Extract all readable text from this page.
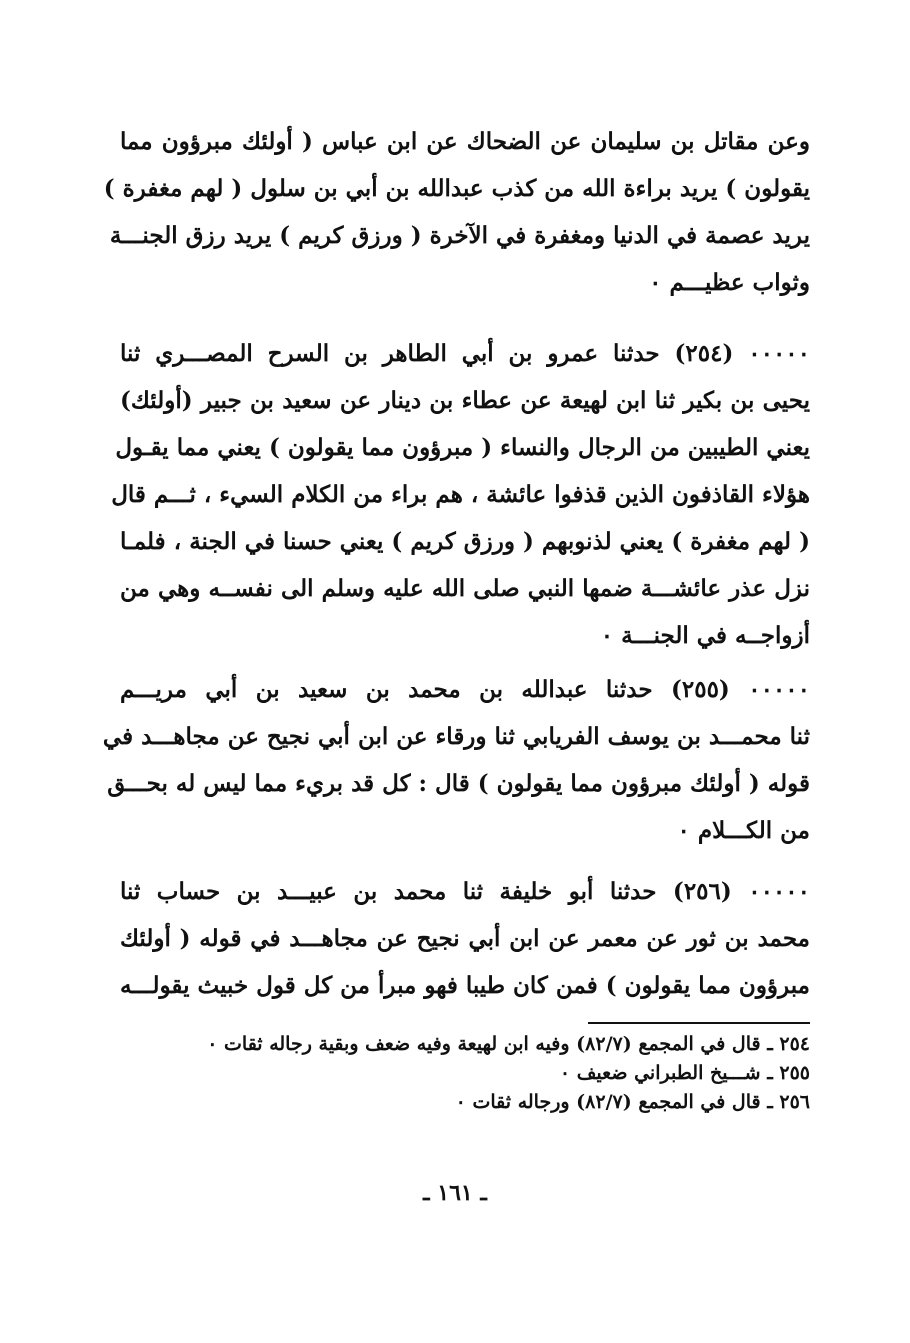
وعن مقاتل بن سليمان عن الضحاك عن ابن عباس ( أولئك مبرؤون مما
يقولون ) يريد براءة الله من كذب عبدالله بن أبي بن سلول ( لهم مغفرة )
يريد عصمة في الدنيا ومغفرة في الآخرة ( ورزق كريم ) يريد رزق الجنـــة
وثواب عظيـــم ٠
٠٠٠٠٠ (٢٥٤) حدثنا عمرو بن أبي الطاهر بن السرح المصـــري ثنا
يحيى بن بكير ثنا ابن لهيعة عن عطاء بن دينار عن سعيد بن جبير (أولئك)
يعني الطيبين من الرجال والنساء ( مبرؤون مما يقولون ) يعني مما يقـول
هؤلاء القاذفون الذين قذفوا عائشة ، هم براء من الكلام السيء ، ثـــم قال
( لهم مغفرة ) يعني لذنوبهم ( ورزق كريم ) يعني حسنا في الجنة ، فلمـا
نزل عذر عائشـــة ضمها النبي صلى الله عليه وسلم الى نفســه وهي من
أزواجــه في الجنـــة ٠
٠٠٠٠٠ (٢٥٥) حدثنا عبدالله بن محمد بن سعيد بن أبي مريـــم
ثنا محمـــد بن يوسف الفريابي ثنا ورقاء عن ابن أبي نجيح عن مجاهـــد في
قوله ( أولئك مبرؤون مما يقولون ) قال : كل قد بريء مما ليس له بحـــق
من الكـــلام ٠
٠٠٠٠٠ (٢٥٦) حدثنا أبو خليفة ثنا محمد بن عبيـــد بن حساب ثنا
محمد بن ثور عن معمر عن ابن أبي نجيح عن مجاهـــد في قوله ( أولئك
مبرؤون مما يقولون ) فمن كان طيبا فهو مبرأ من كل قول خبيث يقولـــه
٢٥٤ ـ قال في المجمع (٨٢/٧) وفيه ابن لهيعة وفيه ضعف وبقية رجاله ثقات ٠
٢٥٥ ـ شـــيخ الطبراني ضعيف ٠
٢٥٦ ـ قال في المجمع (٨٢/٧) ورجاله ثقات ٠
ـ ١٦١ ـ
